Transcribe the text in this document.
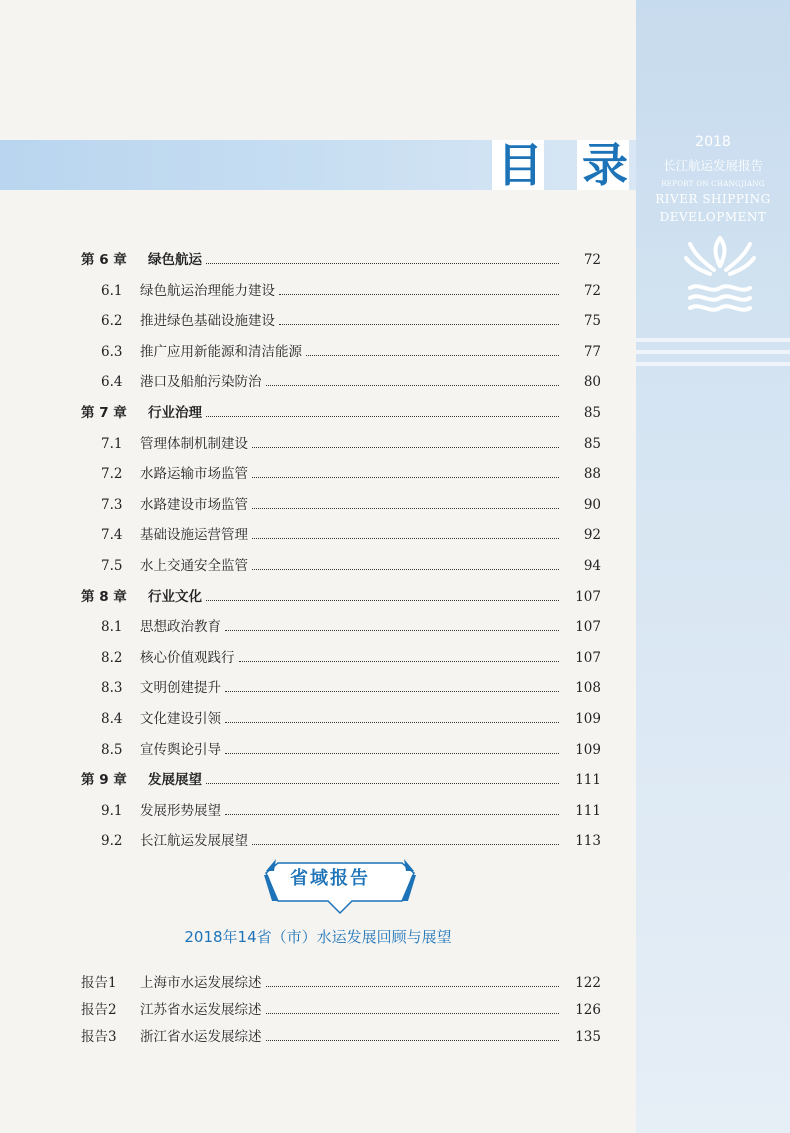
2018
长江航运发展报告
REPORT ON CHANGJIANG
RIVER SHIPPING
DEVELOPMENT
目 录
第 6 章 绿色航运	72
6.1 绿色航运治理能力建设	72
6.2 推进绿色基础设施建设	75
6.3 推广应用新能源和清洁能源	77
6.4 港口及船舶污染防治	80
第 7 章 行业治理	85
7.1 管理体制机制建设	85
7.2 水路运输市场监管	88
7.3 水路建设市场监管	90
7.4 基础设施运营管理	92
7.5 水上交通安全监管	94
第 8 章 行业文化	107
8.1 思想政治教育	107
8.2 核心价值观践行	107
8.3 文明创建提升	108
8.4 文化建设引领	109
8.5 宣传舆论引导	109
第 9 章 发展展望	111
9.1 发展形势展望	111
9.2 长江航运发展展望	113
省域报告
2018年14省（市）水运发展回顾与展望
报告1 上海市水运发展综述	122
报告2 江苏省水运发展综述	126
报告3 浙江省水运发展综述	135
